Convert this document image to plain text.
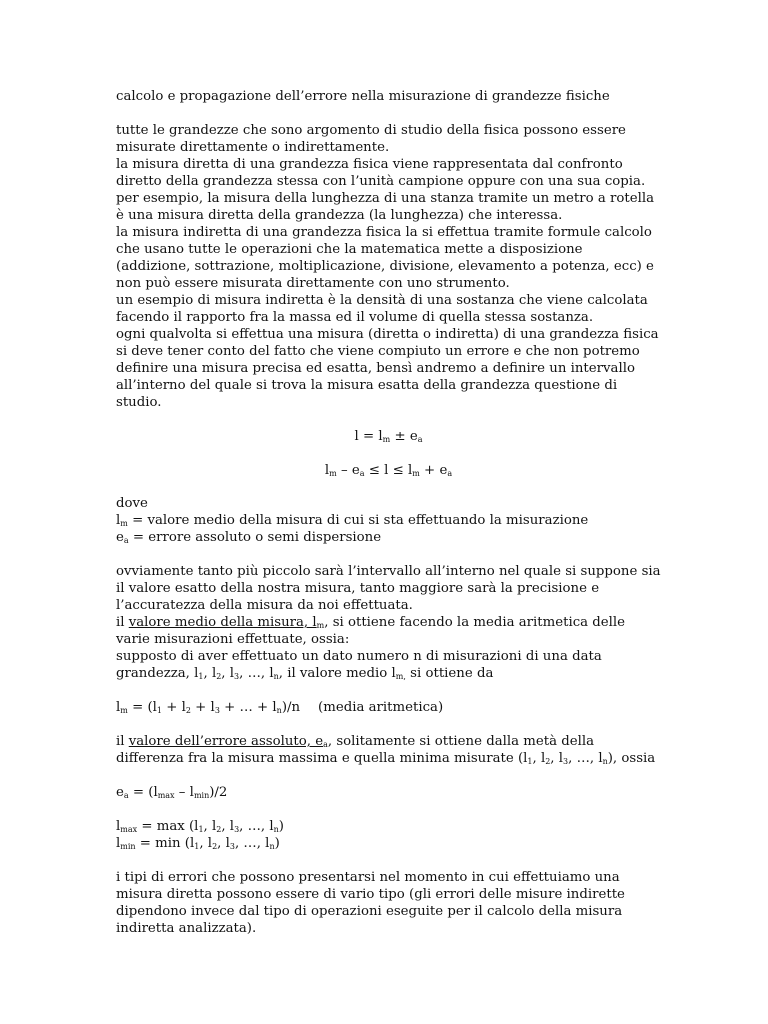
calcolo e propagazione dell’errore nella misurazione di grandezze fisiche

tutte le grandezze che sono argomento di studio della fisica possono essere misurate direttamente o indirettamente.

la misura diretta di una grandezza fisica viene rappresentata dal confronto diretto della grandezza stessa con l’unità campione oppure con una sua copia.

per esempio, la misura della lunghezza di una stanza tramite un metro a rotella è una misura diretta della grandezza (la lunghezza) che interessa.

la misura indiretta di una grandezza fisica la si effettua tramite formule calcolo che usano tutte le operazioni che la matematica mette a disposizione (addizione, sottrazione, moltiplicazione, divisione, elevamento a potenza, ecc) e non può essere misurata direttamente con uno strumento.

un esempio di misura indiretta è la densità di una sostanza che viene calcolata facendo il rapporto fra la massa ed il volume di quella stessa sostanza.

ogni qualvolta si effettua una misura (diretta o indiretta) di una grandezza fisica si deve tener conto del fatto che viene compiuto un errore e che non potremo definire una misura precisa ed esatta, bensì andremo a definire un intervallo all’interno del quale si trova la misura esatta della grandezza questione di studio.

$l = l_m \pm e_a$

$l_m - e_a \le l \le l_m + e_a$

dove

$l_m$ = valore medio della misura di cui si sta effettuando la misurazione

$e_a$ = errore assoluto o semi dispersione

ovviamente tanto più piccolo sarà l’intervallo all’interno nel quale si suppone sia il valore esatto della nostra misura, tanto maggiore sarà la precisione e l’accuratezza della misura da noi effettuata.

il valore medio della misura, $l_m$, si ottiene facendo la media aritmetica delle varie misurazioni effettuate, ossia:

supposto di aver effettuato un dato numero n di misurazioni di una data grandezza, $l_1$, $l_2$, $l_3$, …, $l_n$, il valore medio $l_{m,}$ si ottiene da

$l_m = (l_1 + l_2 + l_3$ + … + $l_n)/n$ (media aritmetica)

il valore dell’errore assoluto, $e_a$, solitamente si ottiene dalla metà della differenza fra la misura massima e quella minima misurate ($l_1$, $l_2$, $l_3$, …, $l_n$), ossia

$e_a = (l_{max} - l_{min})/2$

$l_{max} = \max (l_1$, $l_2$, $l_3$, …, $l_n$)

$l_{min} = \min (l_1$, $l_2$, $l_3$, …, $l_n$)

i tipi di errori che possono presentarsi nel momento in cui effettuiamo una misura diretta possono essere di vario tipo (gli errori delle misure indirette dipendono invece dal tipo di operazioni eseguite per il calcolo della misura indiretta analizzata).
